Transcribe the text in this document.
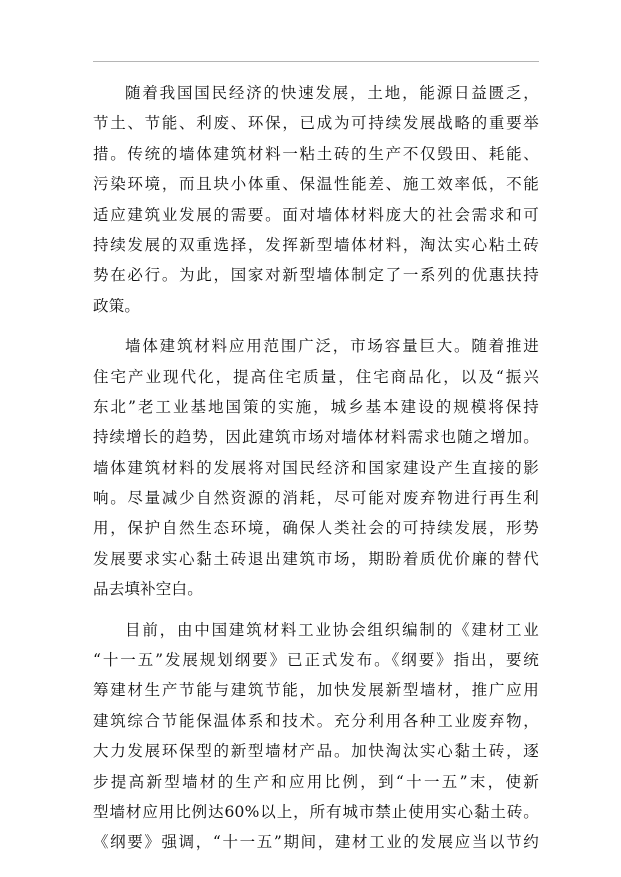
随着我国国民经济的快速发展，土地，能源日益匮乏，
节土、节能、利废、环保，已成为可持续发展战略的重要举
措。传统的墙体建筑材料一粘土砖的生产不仅毁田、耗能、
污染环境，而且块小体重、保温性能差、施工效率低，不能
适应建筑业发展的需要。面对墙体材料庞大的社会需求和可
持续发展的双重选择，发挥新型墙体材料，淘汰实心粘土砖
势在必行。为此，国家对新型墙体制定了一系列的优惠扶持
政策。
墙体建筑材料应用范围广泛，市场容量巨大。随着推进
住宅产业现代化，提高住宅质量，住宅商品化，以及“振兴
东北”老工业基地国策的实施，城乡基本建设的规模将保持
持续增长的趋势，因此建筑市场对墙体材料需求也随之增加。
墙体建筑材料的发展将对国民经济和国家建设产生直接的影
响。尽量减少自然资源的消耗，尽可能对废弃物进行再生利
用，保护自然生态环境，确保人类社会的可持续发展，形势
发展要求实心黏土砖退出建筑市场，期盼着质优价廉的替代
品去填补空白。
目前，由中国建筑材料工业协会组织编制的《建材工业
“十一五”发展规划纲要》已正式发布。《纲要》指出，要统
筹建材生产节能与建筑节能，加快发展新型墙材，推广应用
建筑综合节能保温体系和技术。充分利用各种工业废弃物，
大力发展环保型的新型墙材产品。加快淘汰实心黏土砖，逐
步提高新型墙材的生产和应用比例，到“十一五”末，使新
型墙材应用比例达60%以上，所有城市禁止使用实心黏土砖。
《纲要》强调，“十一五”期间，建材工业的发展应当以节约
